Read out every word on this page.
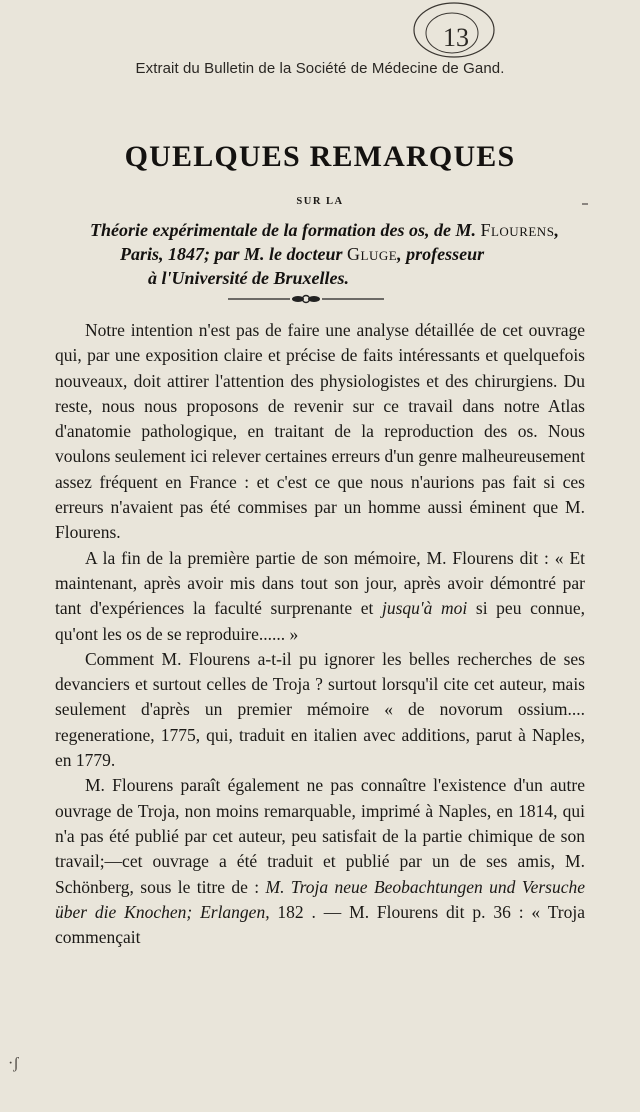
13
Extrait du Bulletin de la Société de Médecine de Gand.
QUELQUES REMARQUES
SUR LA
Théorie expérimentale de la formation des os, de M. Flourens,
Paris, 1847; par M. le docteur Gluge, professeur
à l'Université de Bruxelles.

Notre intention n'est pas de faire une analyse détaillée de cet ouvrage qui, par une exposition claire et précise de faits intéressants et quelquefois nouveaux, doit attirer l'attention des physiologistes et des chirurgiens. Du reste, nous nous proposons de revenir sur ce travail dans notre Atlas d'anatomie pathologique, en traitant de la reproduction des os. Nous voulons seulement ici relever certaines erreurs d'un genre malheureusement assez fréquent en France : et c'est ce que nous n'aurions pas fait si ces erreurs n'avaient pas été commises par un homme aussi éminent que M. Flourens.

A la fin de la première partie de son mémoire, M. Flourens dit : « Et maintenant, après avoir mis dans tout son jour, après avoir démontré par tant d'expériences la faculté surprenante et jusqu'à moi si peu connue, qu'ont les os de se reproduire...... »

Comment M. Flourens a-t-il pu ignorer les belles recherches de ses devanciers et surtout celles de Troja ? surtout lorsqu'il cite cet auteur, mais seulement d'après un premier mémoire « de novorum ossium.... regeneratione, 1775, qui, traduit en italien avec additions, parut à Naples, en 1779.

M. Flourens paraît également ne pas connaître l'existence d'un autre ouvrage de Troja, non moins remarquable, imprimé à Naples, en 1814, qui n'a pas été publié par cet auteur, peu satisfait de la partie chimique de son travail;—cet ouvrage a été traduit et publié par un de ses amis, M. Schönberg, sous le titre de : M. Troja neue Beobachtungen und Versuche über die Knochen; Erlangen, 182 . — M. Flourens dit p. 36 : « Troja commençait

·ʃ
